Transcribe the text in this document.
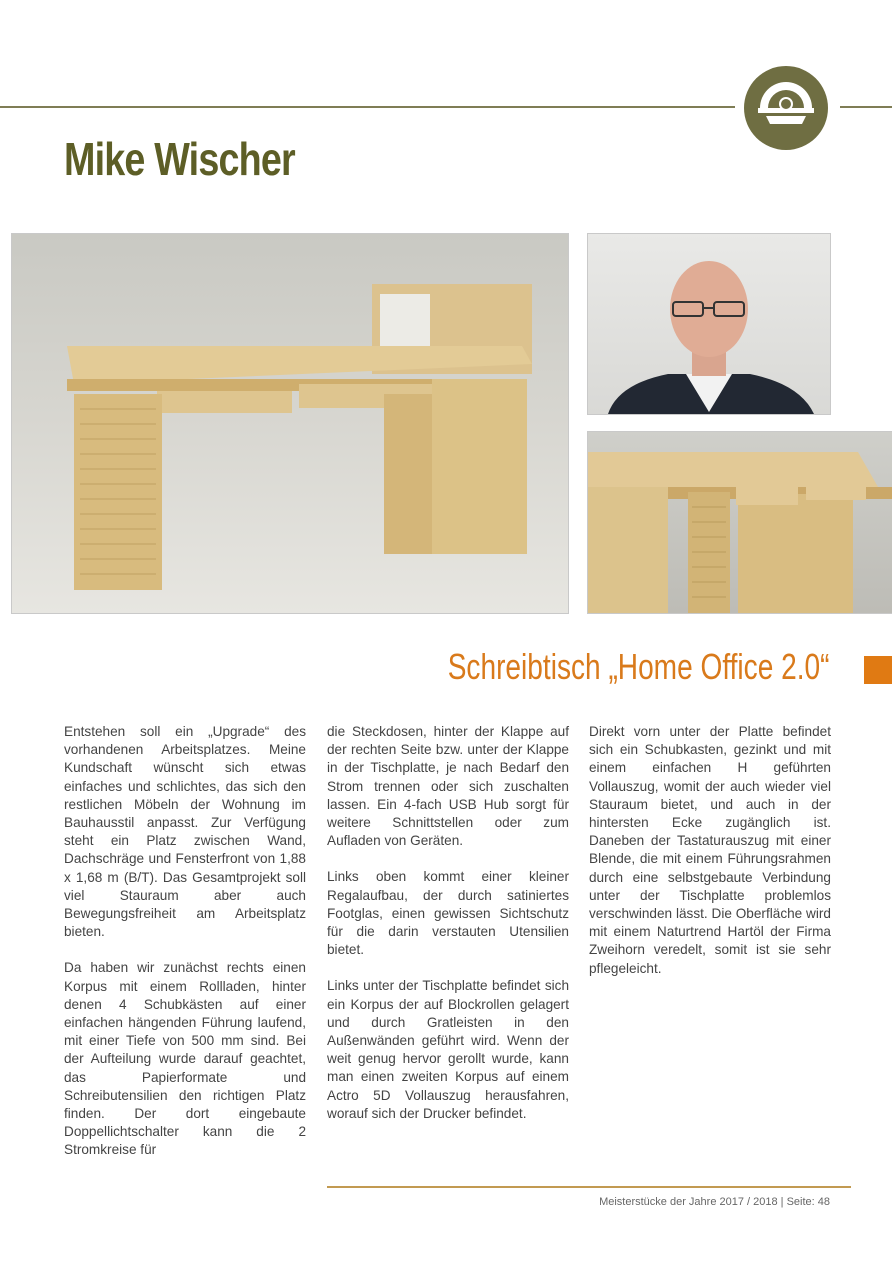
Mike Wischer
Schreibtisch „Home Office 2.0“

Entstehen soll ein „Upgrade“ des vorhandenen Arbeitsplatzes. Meine Kundschaft wünscht sich etwas einfaches und schlichtes, das sich den restlichen Möbeln der Wohnung im Bauhausstil anpasst. Zur Verfügung steht ein Platz zwischen Wand, Dachschräge und Fensterfront von 1,88 x 1,68 m (B/T). Das Gesamtprojekt soll viel Stauraum aber auch Bewegungsfreiheit am Arbeitsplatz bieten.

Da haben wir zunächst rechts einen Korpus mit einem Rollladen, hinter denen 4 Schubkästen auf einer einfachen hängenden Führung laufend, mit einer Tiefe von 500 mm sind. Bei der Aufteilung wurde darauf geachtet, das Papierformate und Schreibutensilien den richtigen Platz finden. Der dort eingebaute Doppellichtschalter kann die 2 Stromkreise für

die Steckdosen, hinter der Klappe auf der rechten Seite bzw. unter der Klappe in der Tischplatte, je nach Bedarf den Strom trennen oder sich zuschalten lassen. Ein 4-fach USB Hub sorgt für weitere Schnittstellen oder zum Aufladen von Geräten.

Links oben kommt einer kleiner Regalaufbau, der durch satiniertes Footglas, einen gewissen Sichtschutz für die darin verstauten Utensilien bietet.

Links unter der Tischplatte befindet sich ein Korpus der auf Blockrollen gelagert und durch Gratleisten in den Außenwänden geführt wird. Wenn der weit genug hervor gerollt wurde, kann man einen zweiten Korpus auf einem Actro 5D Vollauszug herausfahren, worauf sich der Drucker befindet.

Direkt vorn unter der Platte befindet sich ein Schubkasten, gezinkt und mit einem einfachen H geführten Vollauszug, womit der auch wieder viel Stauraum bietet, und auch in der hintersten Ecke zugänglich ist. Daneben der Tastaturauszug mit einer Blende, die mit einem Führungsrahmen durch eine selbstgebaute Verbindung unter der Tischplatte problemlos verschwinden lässt. Die Oberfläche wird mit einem Naturtrend Hartöl der Firma Zweihorn veredelt, somit ist sie sehr pflegeleicht.

Meisterstücke der Jahre 2017 / 2018 | Seite: 48
